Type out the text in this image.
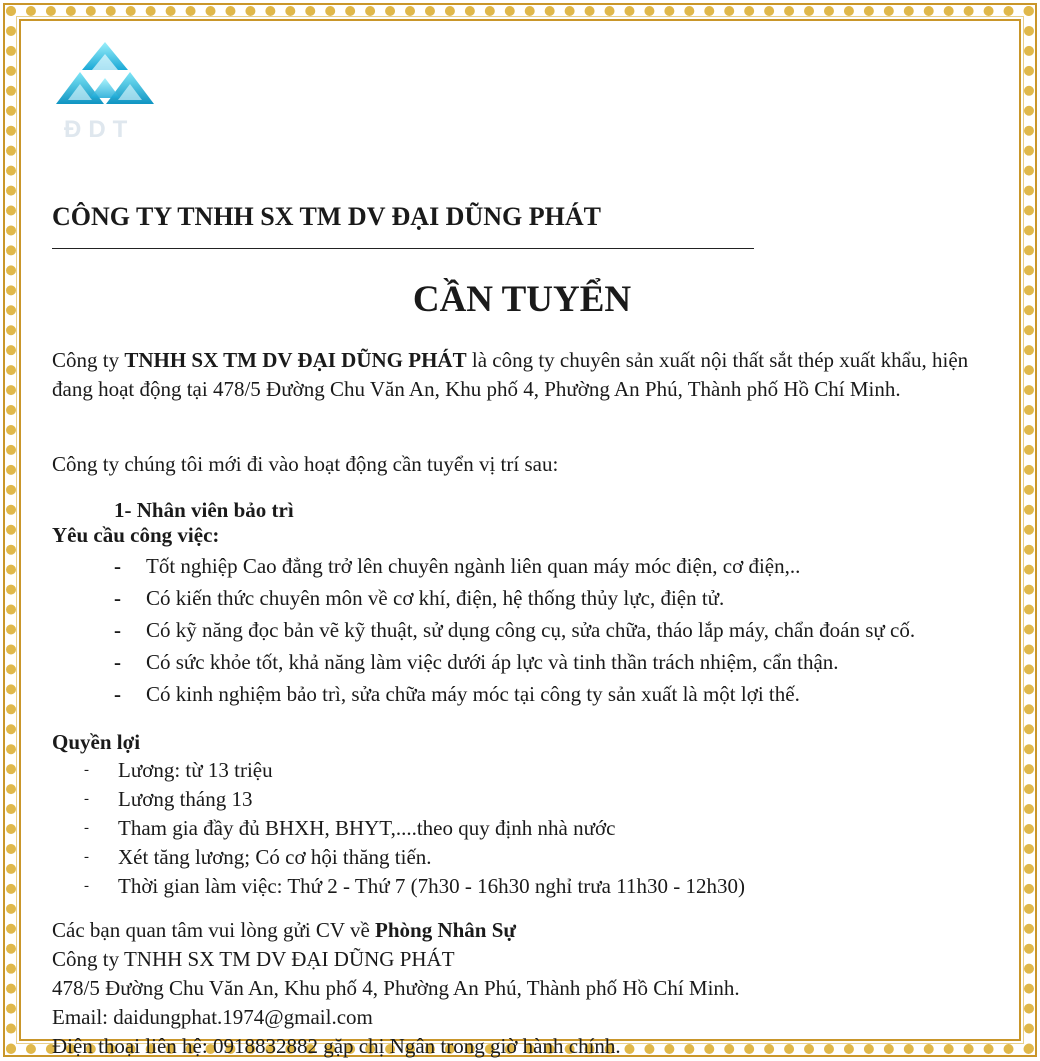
ĐDT
CÔNG TY TNHH SX TM DV ĐẠI DŨNG PHÁT
CẦN TUYỂN

Công ty TNHH SX TM DV ĐẠI DŨNG PHÁT là công ty chuyên sản xuất nội thất sắt thép xuất khẩu, hiện đang hoạt động tại 478/5 Đường Chu Văn An, Khu phố 4, Phường An Phú, Thành phố Hồ Chí Minh.

Công ty chúng tôi mới đi vào hoạt động cần tuyển vị trí sau:

1- Nhân viên bảo trì

Yêu cầu công việc:

- Tốt nghiệp Cao đẳng trở lên chuyên ngành liên quan máy móc điện, cơ điện,..
- Có kiến thức chuyên môn về cơ khí, điện, hệ thống thủy lực, điện tử.
- Có kỹ năng đọc bản vẽ kỹ thuật, sử dụng công cụ, sửa chữa, tháo lắp máy, chẩn đoán sự cố.
- Có sức khỏe tốt, khả năng làm việc dưới áp lực và tinh thần trách nhiệm, cẩn thận.
- Có kinh nghiệm bảo trì, sửa chữa máy móc tại công ty sản xuất là một lợi thế.

Quyền lợi

- Lương: từ 13 triệu
- Lương tháng 13
- Tham gia đầy đủ BHXH, BHYT,....theo quy định nhà nước
- Xét tăng lương; Có cơ hội thăng tiến.
- Thời gian làm việc: Thứ 2 - Thứ 7 (7h30 - 16h30 nghỉ trưa 11h30 - 12h30)
Các bạn quan tâm vui lòng gửi CV về Phòng Nhân Sự
Công ty TNHH SX TM DV ĐẠI DŨNG PHÁT
478/5 Đường Chu Văn An, Khu phố 4, Phường An Phú, Thành phố Hồ Chí Minh.
Email: daidungphat.1974@gmail.com
Điện thoại liên hệ: 0918832882 gặp chị Ngân trong giờ hành chính.
